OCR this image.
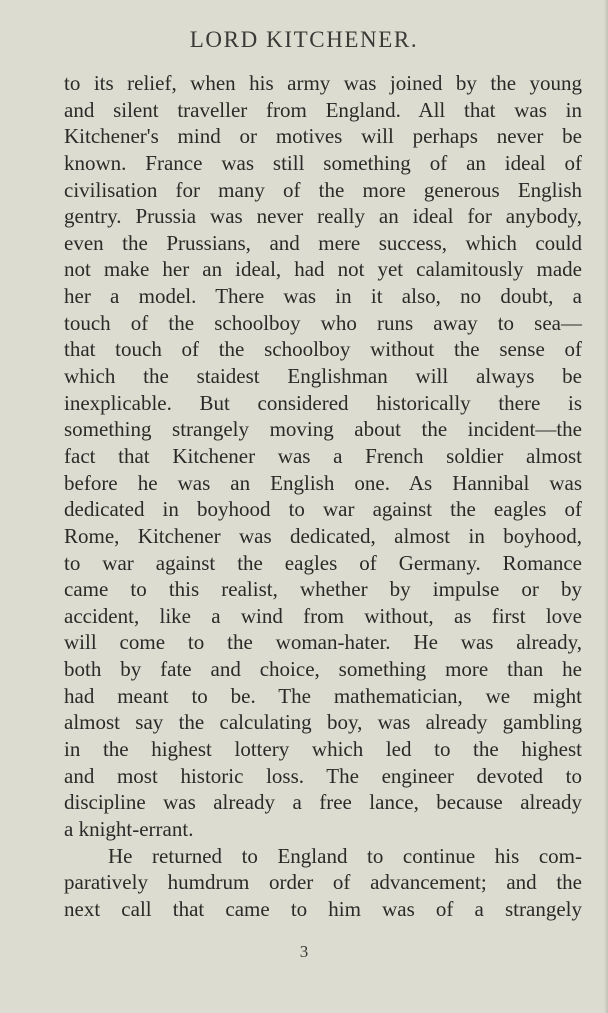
LORD KITCHENER.
to its relief, when his army was joined by the young
and silent traveller from England. All that was in
Kitchener's mind or motives will perhaps never be
known. France was still something of an ideal of
civilisation for many of the more generous English
gentry. Prussia was never really an ideal for anybody,
even the Prussians, and mere success, which could
not make her an ideal, had not yet calamitously made
her a model. There was in it also, no doubt, a
touch of the schoolboy who runs away to sea—
that touch of the schoolboy without the sense of
which the staidest Englishman will always be
inexplicable. But considered historically there is
something strangely moving about the incident—the
fact that Kitchener was a French soldier almost
before he was an English one. As Hannibal was
dedicated in boyhood to war against the eagles of
Rome, Kitchener was dedicated, almost in boyhood,
to war against the eagles of Germany. Romance
came to this realist, whether by impulse or by
accident, like a wind from without, as first love
will come to the woman-hater. He was already,
both by fate and choice, something more than he
had meant to be. The mathematician, we might
almost say the calculating boy, was already gambling
in the highest lottery which led to the highest
and most historic loss. The engineer devoted to
discipline was already a free lance, because already
a knight-errant.
He returned to England to continue his com-
paratively humdrum order of advancement; and the
next call that came to him was of a strangely
3
